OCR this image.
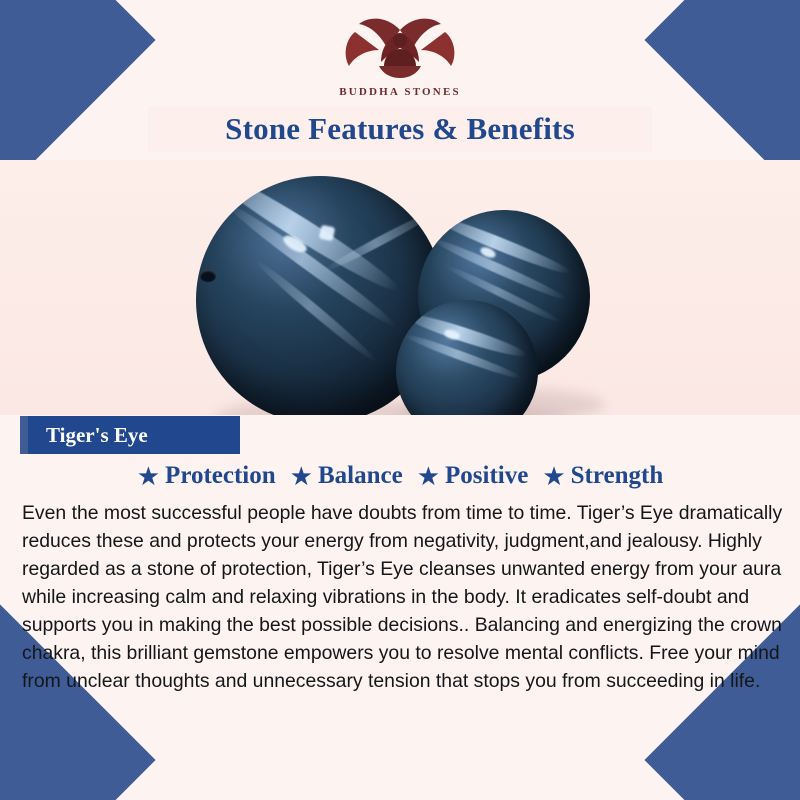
BUDDHA STONES
Stone Features & Benefits
Tiger's Eye
★ Protection ★ Balance ★ Positive ★ Strength
Even the most successful people have doubts from time to time. Tiger’s Eye dramatically reduces these and protects your energy from negativity, judgment,and jealousy. Highly regarded as a stone of protection, Tiger’s Eye cleanses unwanted energy from your aura while increasing calm and relaxing vibrations in the body. It eradicates self-doubt and supports you in making the best possible decisions.. Balancing and energizing the crown chakra, this brilliant gemstone empowers you to resolve mental conflicts. Free your mind from unclear thoughts and unnecessary tension that stops you from succeeding in life.
